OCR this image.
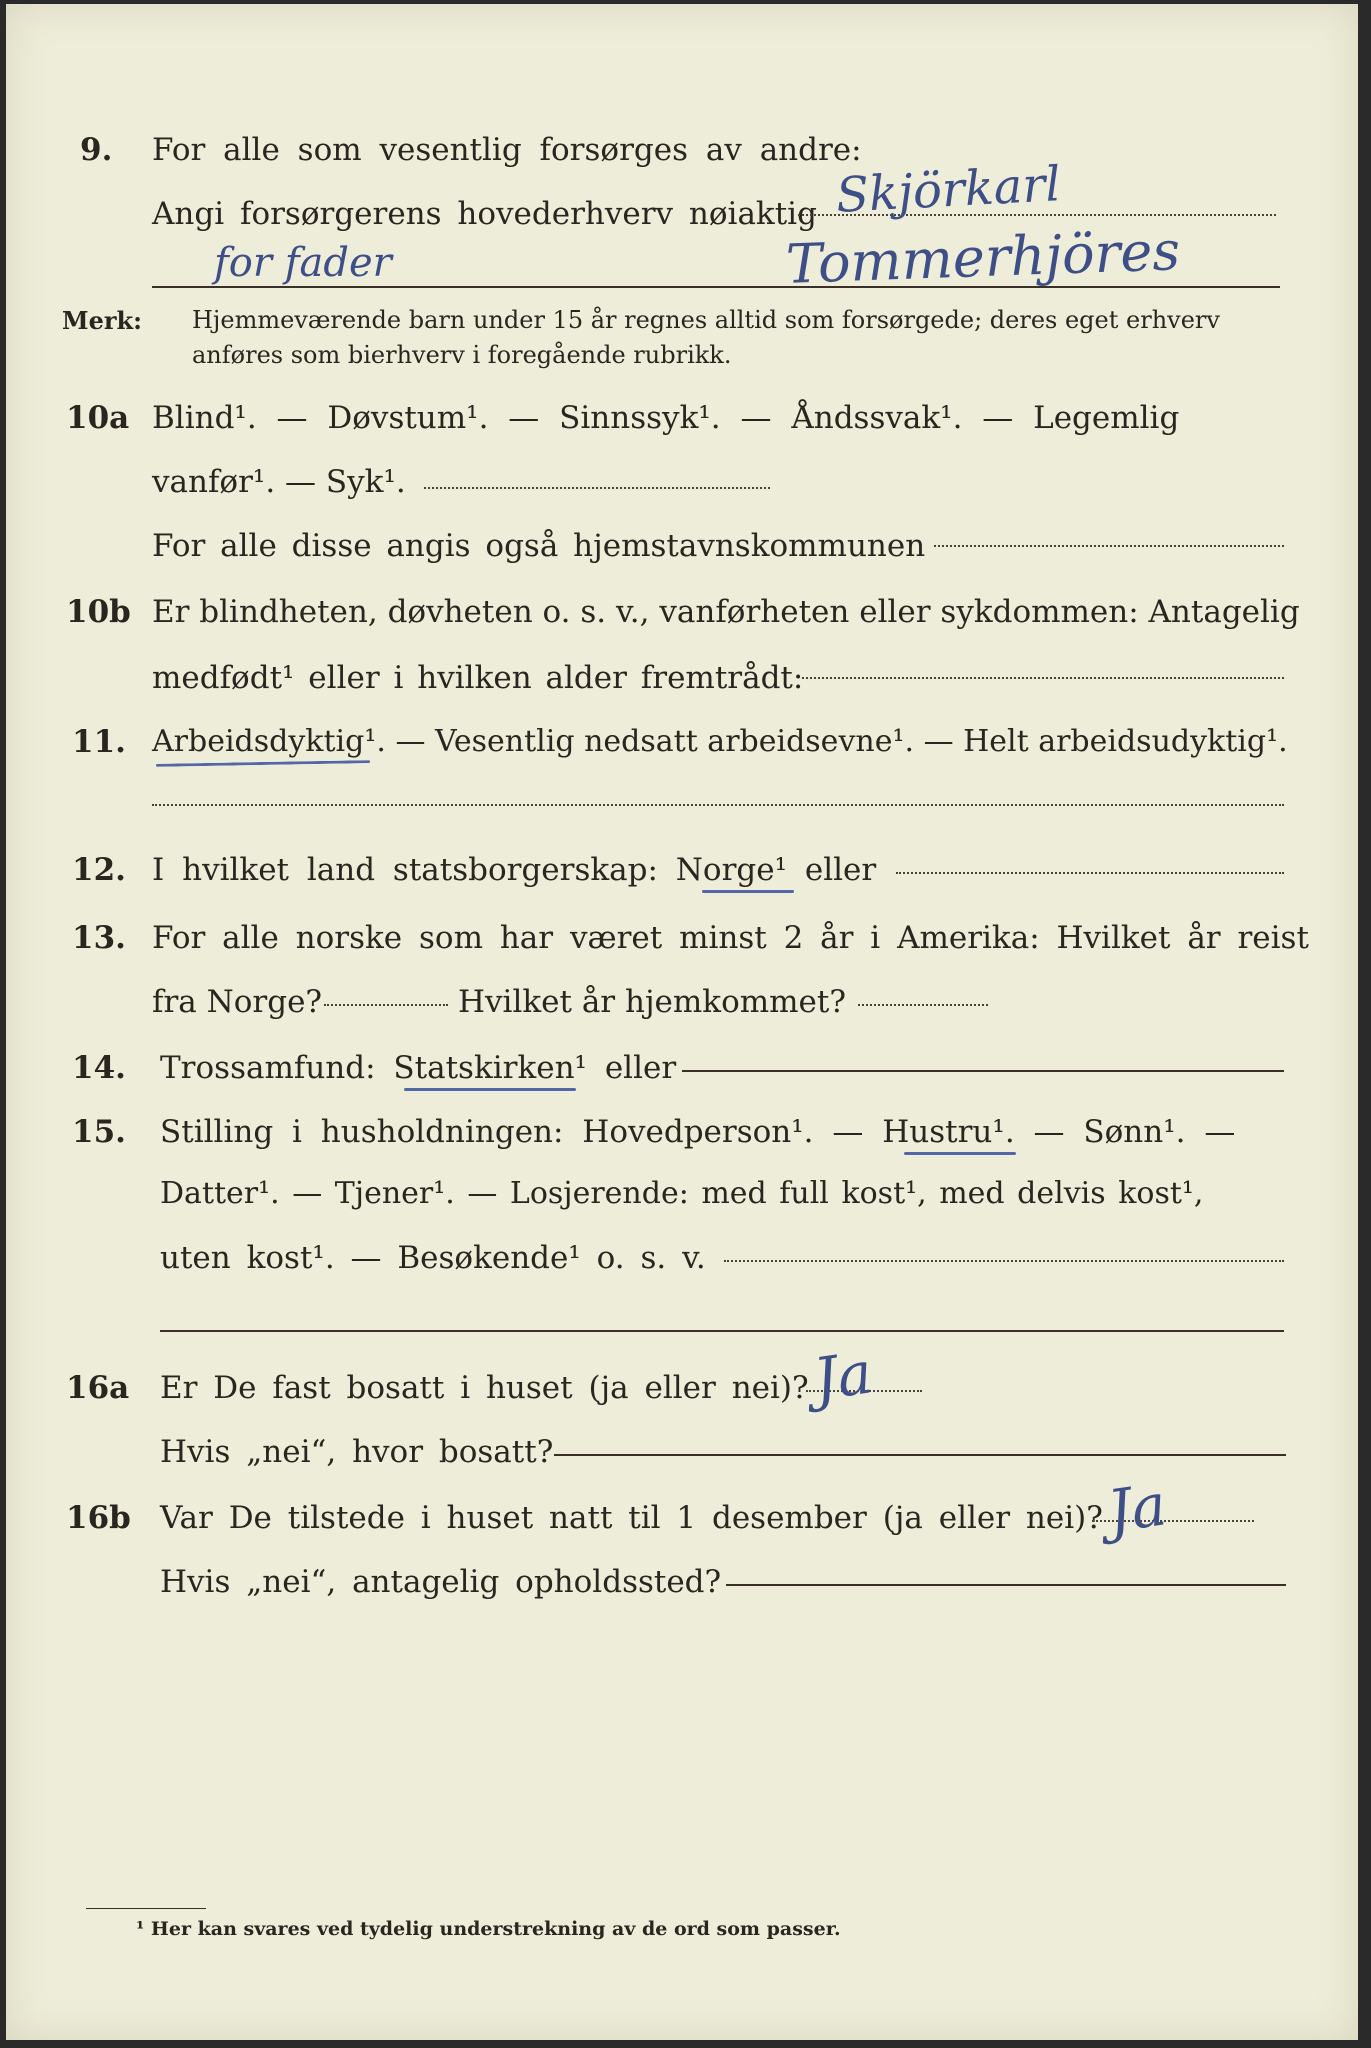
9. For alle som vesentlig forsørges av andre:
Angi forsørgerens hovederhverv nøiaktig Skjörkarl
for fader	Tommerhjöres
Merk: Hjemmeværende barn under 15 år regnes alltid som forsørgede; deres eget erhverv
anføres som bierhverv i foregående rubrikk.
10a Blind¹. — Døvstum¹. — Sinnssyk¹. — Åndssvak¹. — Legemlig
vanfør¹. — Syk¹.
For alle disse angis også hjemstavnskommunen
10b Er blindheten, døvheten o. s. v., vanførheten eller sykdommen: Antagelig
medfødt¹ eller i hvilken alder fremtrådt:
11. Arbeidsdyktig¹. — Vesentlig nedsatt arbeidsevne¹. — Helt arbeidsudyktig¹.
12. I hvilket land statsborgerskap: Norge¹ eller
13. For alle norske som har været minst 2 år i Amerika: Hvilket år reist
fra Norge?	Hvilket år hjemkommet?
14. Trossamfund: Statskirken¹ eller
15. Stilling i husholdningen: Hovedperson¹. — Hustru¹. — Sønn¹. —
Datter¹. — Tjener¹. — Losjerende: med full kost¹, med delvis kost¹,
uten kost¹. — Besøkende¹ o. s. v.
16a Er De fast bosatt i huset (ja eller nei)? Ja
Hvis „nei“, hvor bosatt?
16b Var De tilstede i huset natt til 1 desember (ja eller nei)? Ja
Hvis „nei“, antagelig opholdssted?
¹ Her kan svares ved tydelig understrekning av de ord som passer.
